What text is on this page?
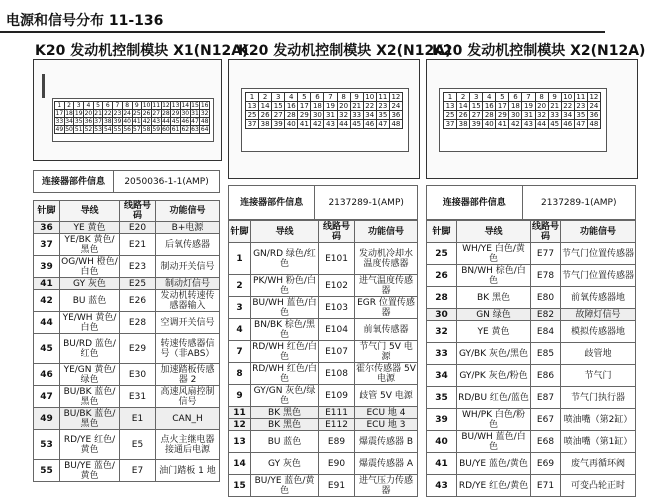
电源和信号分布 11-136
K20 发动机控制模块 X1(N12A)
1	2	3	4	5	6	7	8	9	10	11	12	13	14	15	16
17	18	19	20	21	22	23	24	25	26	27	28	29	30	31	32
33	34	35	36	37	38	39	40	41	42	43	44	45	46	47	48
49	50	51	52	53	54	55	56	57	58	59	60	61	62	63	64
连接器部件信息	2050036-1-1(AMP)
针脚	导线	线路号码	功能信号
36	YE 黄色	E20	B+电源
37	YE/BK 黄色/黑色	E21	后氧传感器
39	OG/WH 橙色/白色	E23	制动开关信号
41	GY 灰色	E25	制动灯信号
42	BU 蓝色	E26	发动机转速传感器输入
44	YE/WH 黄色/白色	E28	空调开关信号
45	BU/RD 蓝色/红色	E29	转速传感器信号（非ABS）
46	YE/GN 黄色/绿色	E30	加速踏板传感器 2
47	BU/BK 蓝色/黑色	E31	高速风扇控制信号
49	BU/BK 蓝色/黑色	E1	CAN_H
53	RD/YE 红色/黄色	E5	点火主继电器接通后电源
55	BU/YE 蓝色/黄色	E7	油门踏板 1 地
K20 发动机控制模块 X2(N12A)
1	2	3	4	5	6	7	8	9	10	11	12
13	14	15	16	17	18	19	20	21	22	23	24
25	26	27	28	29	30	31	32	33	34	35	36
37	38	39	40	41	42	43	44	45	46	47	48
连接器部件信息	2137289-1(AMP)
针脚	导线	线路号码	功能信号
1	GN/RD 绿色/红色	E101	发动机冷却水温度传感器
2	PK/WH 粉色/白色	E102	进气温度传感器
3	BU/WH 蓝色/白色	E103	EGR 位置传感器
4	BN/BK 棕色/黑色	E104	前氧传感器
7	RD/WH 红色/白色	E107	节气门 5V 电源
8	RD/WH 红色/白色	E108	霍尔传感器 5V 电源
9	GY/GN 灰色/绿色	E109	歧管 5V 电源
11	BK 黑色	E111	ECU 地 4
12	BK 黑色	E112	ECU 地 3
13	BU 蓝色	E89	爆震传感器 B
14	GY 灰色	E90	爆震传感器 A
15	BU/YE 蓝色/黄色	E91	进气压力传感器
K20 发动机控制模块 X2(N12A)
1	2	3	4	5	6	7	8	9	10	11	12
13	14	15	16	17	18	19	20	21	22	23	24
25	26	27	28	29	30	31	32	33	34	35	36
37	38	39	40	41	42	43	44	45	46	47	48
连接器部件信息	2137289-1(AMP)
针脚	导线	线路号码	功能信号
25	WH/YE 白色/黄色	E77	节气门位置传感器
26	BN/WH 棕色/白色	E78	节气门位置传感器
28	BK 黑色	E80	前氧传感器地
30	GN 绿色	E82	故障灯信号
32	YE 黄色	E84	模拟传感器地
33	GY/BK 灰色/黑色	E85	歧管地
34	GY/PK 灰色/粉色	E86	节气门
35	RD/BU 红色/蓝色	E87	节气门执行器
39	WH/PK 白色/粉色	E67	喷油嘴（第2缸）
40	BU/WH 蓝色/白色	E68	喷油嘴（第1缸）
41	BU/YE 蓝色/黄色	E69	废气再循环阀
43	RD/YE 红色/黄色	E71	可变凸轮正时
